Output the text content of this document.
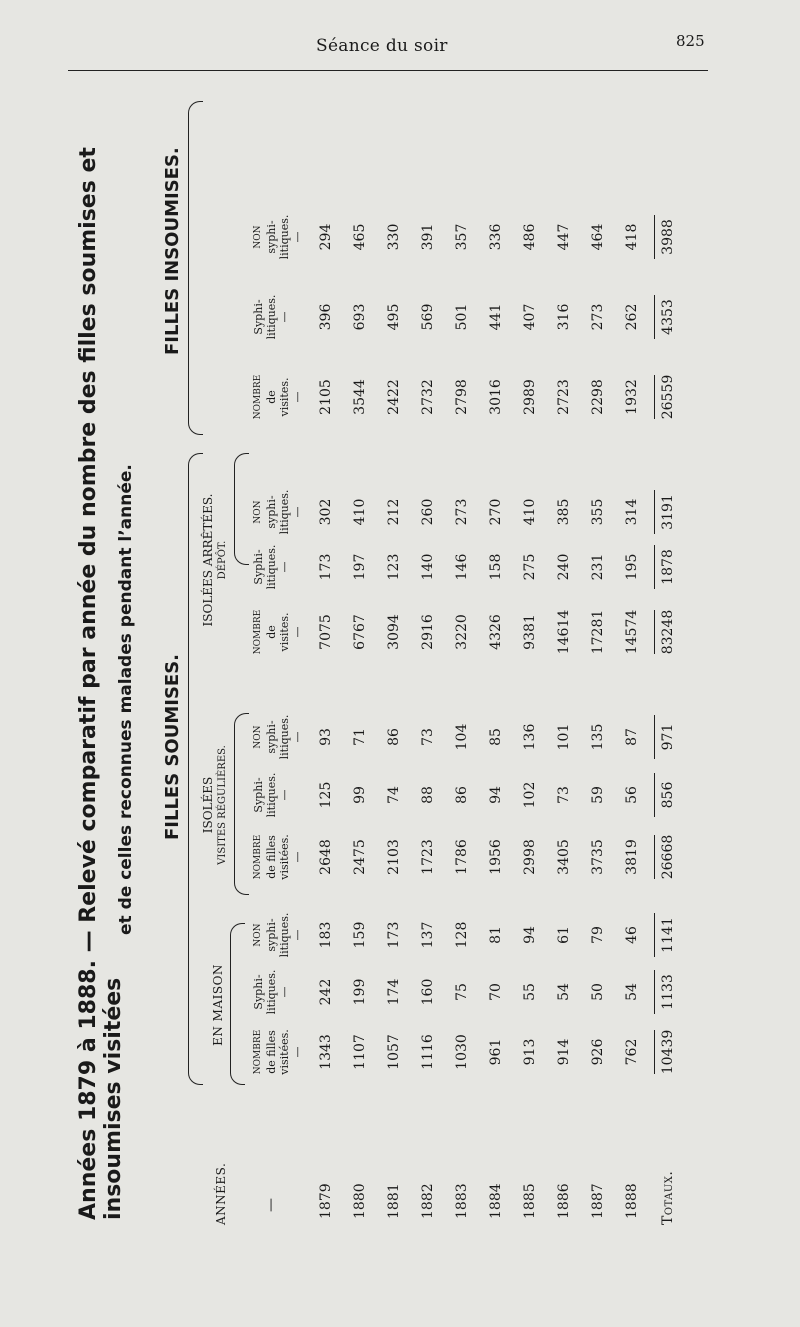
Séance du soir	825
Années 1879 à 1888. — Relevé comparatif par année du nombre des filles soumises et insoumises visitées
et de celles reconnues malades pendant l’année. FILLES SOUMISES.
FILLES INSOUMISES.
ANNÉES.	—
EN MAISON
ISOLÉES VISITES RÉGULIÈRES.
ISOLÉES ARRÊTÉES. DÉPÔT.
NOMBRE de filles visitées. —
Syphi- litiques. —
NON syphi- litiques. —
NOMBRE de filles visitées. —
Syphi- litiques. —
NON syphi- litiques. —
NOMBRE de visites. —
Syphi- litiques. —
NON syphi- litiques. —
NOMBRE de visites. —
Syphi- litiques. —
NON syphi- litiques. —
1879 1880 1881 1882 1883 1884 1885 1886 1887 1888
1343 1107 1057 1116 1030 961 913 914 926 762 10439
242 199 174 160 75 70 55 54 50 54 1133
183 159 173 137 128 81 94 61 79 46 1141
2648 2475 2103 1723 1786 1956 2998 3405 3735 3819 26668
125 99 74 88 86 94 102 73 59 56 856
93 71 86 73 104 85 136 101 135 87 971
7075 6767 3094 2916 3220 4326 9381 14614 17281 14574 83248
173 197 123 140 146 158 275 240 231 195 1878
302 410 212 260 273 270 410 385 355 314 3191
2105 3544 2422 2732 2798 3016 2989 2723 2298 1932 26559
396 693 495 569 501 441 407 316 273 262 4353
294 465 330 391 357 336 486 447 464 418 3988
Totaux.
